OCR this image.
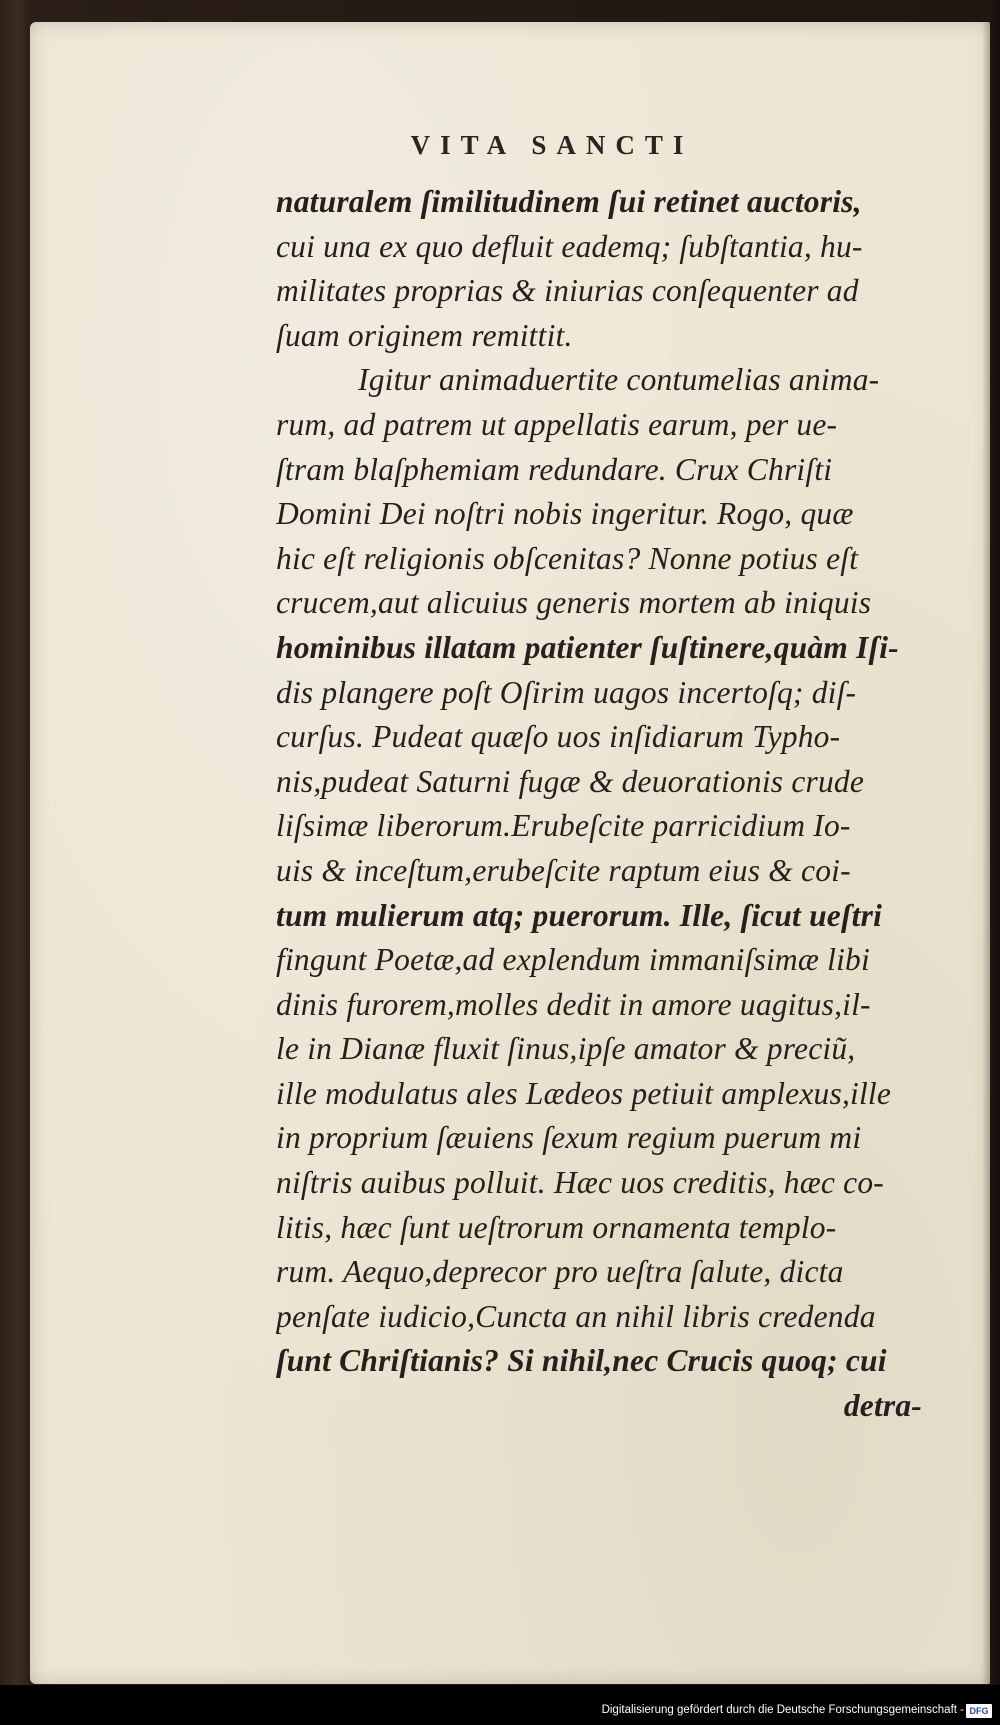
VITA SANCTI
naturalem ſimilitudinem ſui retinet auctoris,
cui una ex quo defluit eademq; ſubſtantia, hu-
militates proprias & iniurias conſequenter ad
ſuam originem remittit.
Igitur animaduertite contumelias anima-
rum, ad patrem ut appellatis earum, per ue-
ſtram blaſphemiam redundare. Crux Chriſti
Domini Dei noſtri nobis ingeritur. Rogo, quæ
hic eſt religionis obſcenitas? Nonne potius eſt
crucem,aut alicuius generis mortem ab iniquis
hominibus illatam patienter ſuſtinere,quàm Iſi-
dis plangere poſt Oſirim uagos incertoſq; diſ-
curſus. Pudeat quæſo uos inſidiarum Typho-
nis,pudeat Saturni fugæ & deuorationis crude
liſsimæ liberorum.Erubeſcite parricidium Io-
uis & inceſtum,erubeſcite raptum eius & coi-
tum mulierum atq; puerorum. Ille, ſicut ueſtri
fingunt Poetæ,ad explendum immaniſsimæ libi
dinis furorem,molles dedit in amore uagitus,il-
le in Dianæ fluxit ſinus,ipſe amator & preciũ,
ille modulatus ales Lædeos petiuit amplexus,ille
in proprium ſæuiens ſexum regium puerum mi
niſtris auibus polluit. Hæc uos creditis, hæc co-
litis, hæc ſunt ueſtrorum ornamenta templo-
rum. Aequo,deprecor pro ueſtra ſalute, dicta
penſate iudicio,Cuncta an nihil libris credenda
ſunt Chriſtianis? Si nihil,nec Crucis quoq; cui
detra-
Digitalisierung gefördert durch die Deutsche Forschungsgemeinschaft - DFG
